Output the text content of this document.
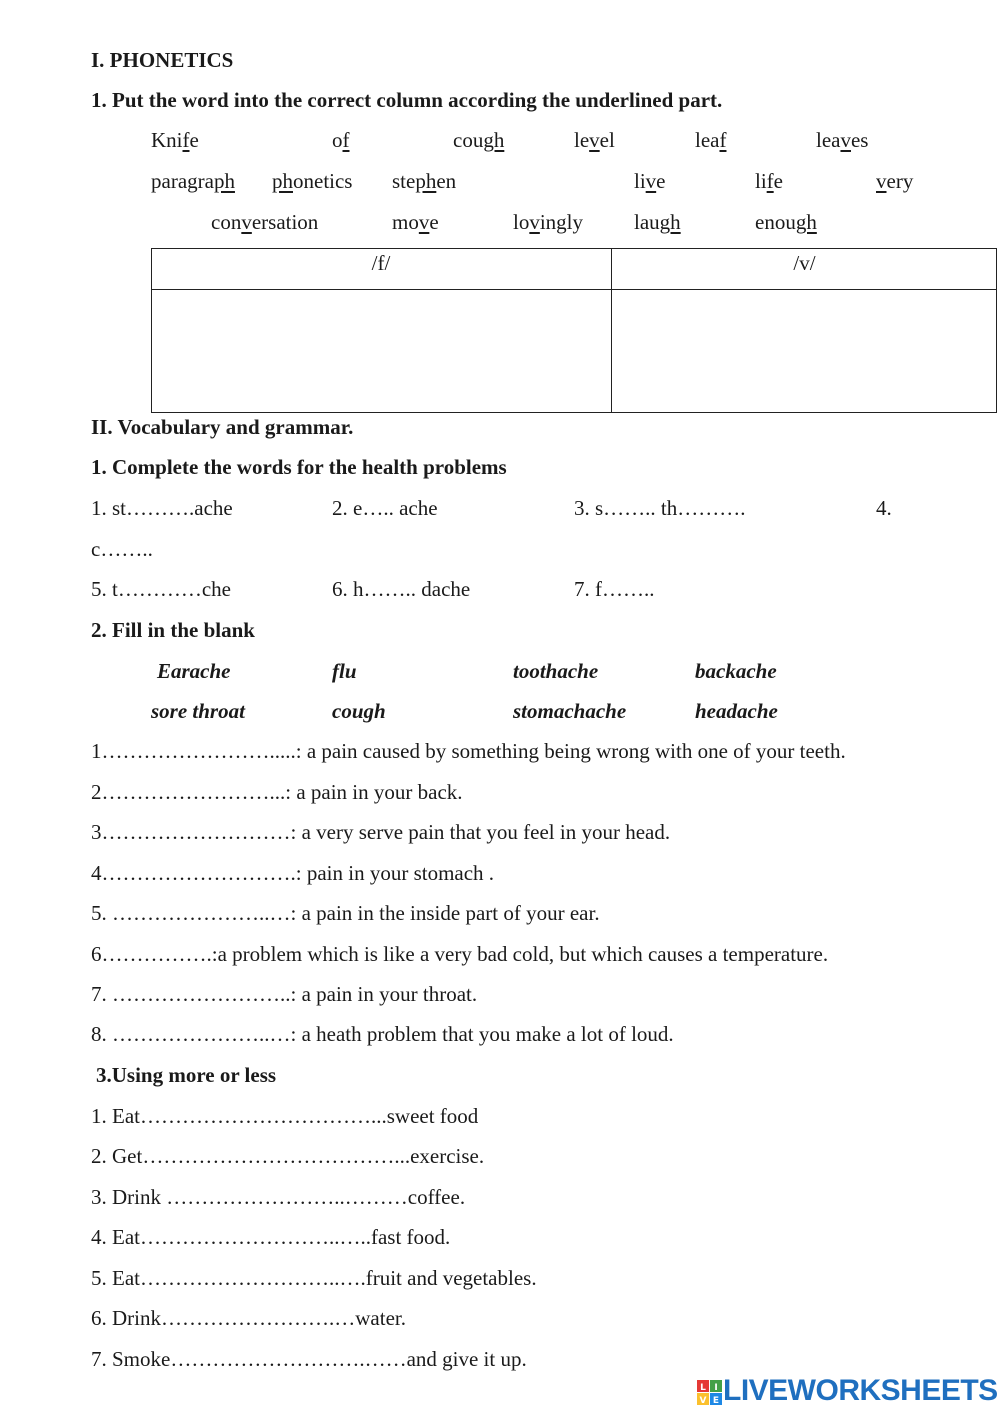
I. PHONETICS
1. Put the word into the correct column according the underlined part.
Knife	of	cough	level	leaf	leaves
paragraph phonetics stephen	live	life	very
conversation	move	lovingly laugh	enough
/f/	/v/
II. Vocabulary and grammar.
1. Complete the words for the health problems
1. st……….ache	2. e….. ache	3. s…….. th……….	4.
c……..
5. t…………che	6. h…….. dache	7. f……..
2. Fill in the blank
Earache	flu	toothache	backache
sore throat	cough	stomachache	headache
1…………………….....: a pain caused by something being wrong with one of your teeth.
2……………………...: a pain in your back.
3………………………: a very serve pain that you feel in your head.
4……………………….: pain in your stomach .
5. …………………..…: a pain in the inside part of your ear.
6…………….:a problem which is like a very bad cold, but which causes a temperature.
7. ……………………..: a pain in your throat.
8. …………………..…: a heath problem that you make a lot of loud.
3.Using more or less
1. Eat……………………………...sweet food
2. Get………………………………...exercise.
3. Drink ……………………..………coffee.
4. Eat………………………..…..fast food.
5. Eat………………………..….fruit and vegetables.
6. Drink…………………….…water.
7. Smoke……………………….……and give it up.
L I
V E LIVEWORKSHEETS
